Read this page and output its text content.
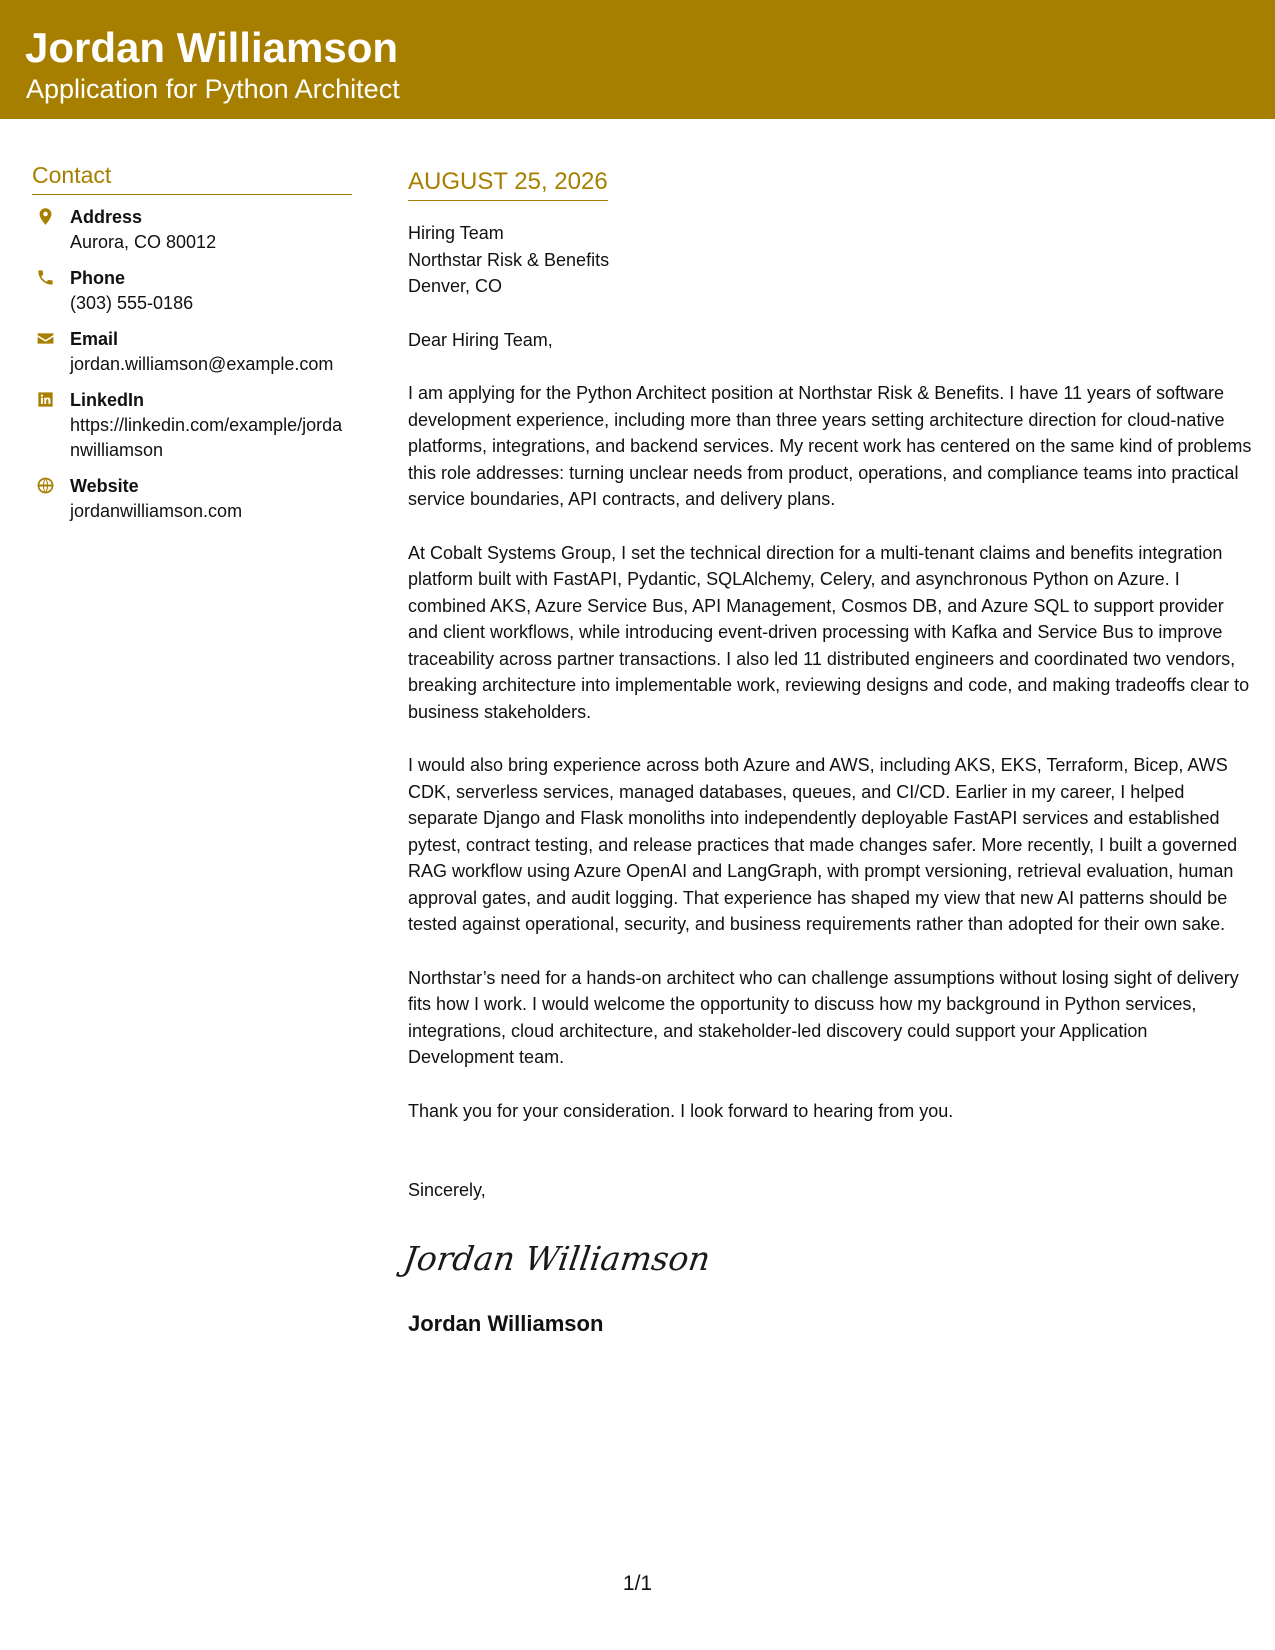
Jordan Williamson
Application for Python Architect
Contact
Address
Aurora, CO 80012
Phone
(303) 555-0186
Email
jordan.williamson@example.com
LinkedIn
https://linkedin.com/example/jordanwilliamson
Website
jordanwilliamson.com
AUGUST 25, 2026
Hiring Team
Northstar Risk & Benefits
Denver, CO
Dear Hiring Team,

I am applying for the Python Architect position at Northstar Risk & Benefits. I have 11 years of software development experience, including more than three years setting architecture direction for cloud-native platforms, integrations, and backend services. My recent work has centered on the same kind of problems this role addresses: turning unclear needs from product, operations, and compliance teams into practical service boundaries, API contracts, and delivery plans.

At Cobalt Systems Group, I set the technical direction for a multi-tenant claims and benefits integration platform built with FastAPI, Pydantic, SQLAlchemy, Celery, and asynchronous Python on Azure. I combined AKS, Azure Service Bus, API Management, Cosmos DB, and Azure SQL to support provider and client workflows, while introducing event-driven processing with Kafka and Service Bus to improve traceability across partner transactions. I also led 11 distributed engineers and coordinated two vendors, breaking architecture into implementable work, reviewing designs and code, and making tradeoffs clear to business stakeholders.

I would also bring experience across both Azure and AWS, including AKS, EKS, Terraform, Bicep, AWS CDK, serverless services, managed databases, queues, and CI/CD. Earlier in my career, I helped separate Django and Flask monoliths into independently deployable FastAPI services and established pytest, contract testing, and release practices that made changes safer. More recently, I built a governed RAG workflow using Azure OpenAI and LangGraph, with prompt versioning, retrieval evaluation, human approval gates, and audit logging. That experience has shaped my view that new AI patterns should be tested against operational, security, and business requirements rather than adopted for their own sake.

Northstar’s need for a hands-on architect who can challenge assumptions without losing sight of delivery fits how I work. I would welcome the opportunity to discuss how my background in Python services, integrations, cloud architecture, and stakeholder-led discovery could support your Application Development team.

Thank you for your consideration. I look forward to hearing from you.

Sincerely,
Jordan Williamson
Jordan Williamson
1/1
